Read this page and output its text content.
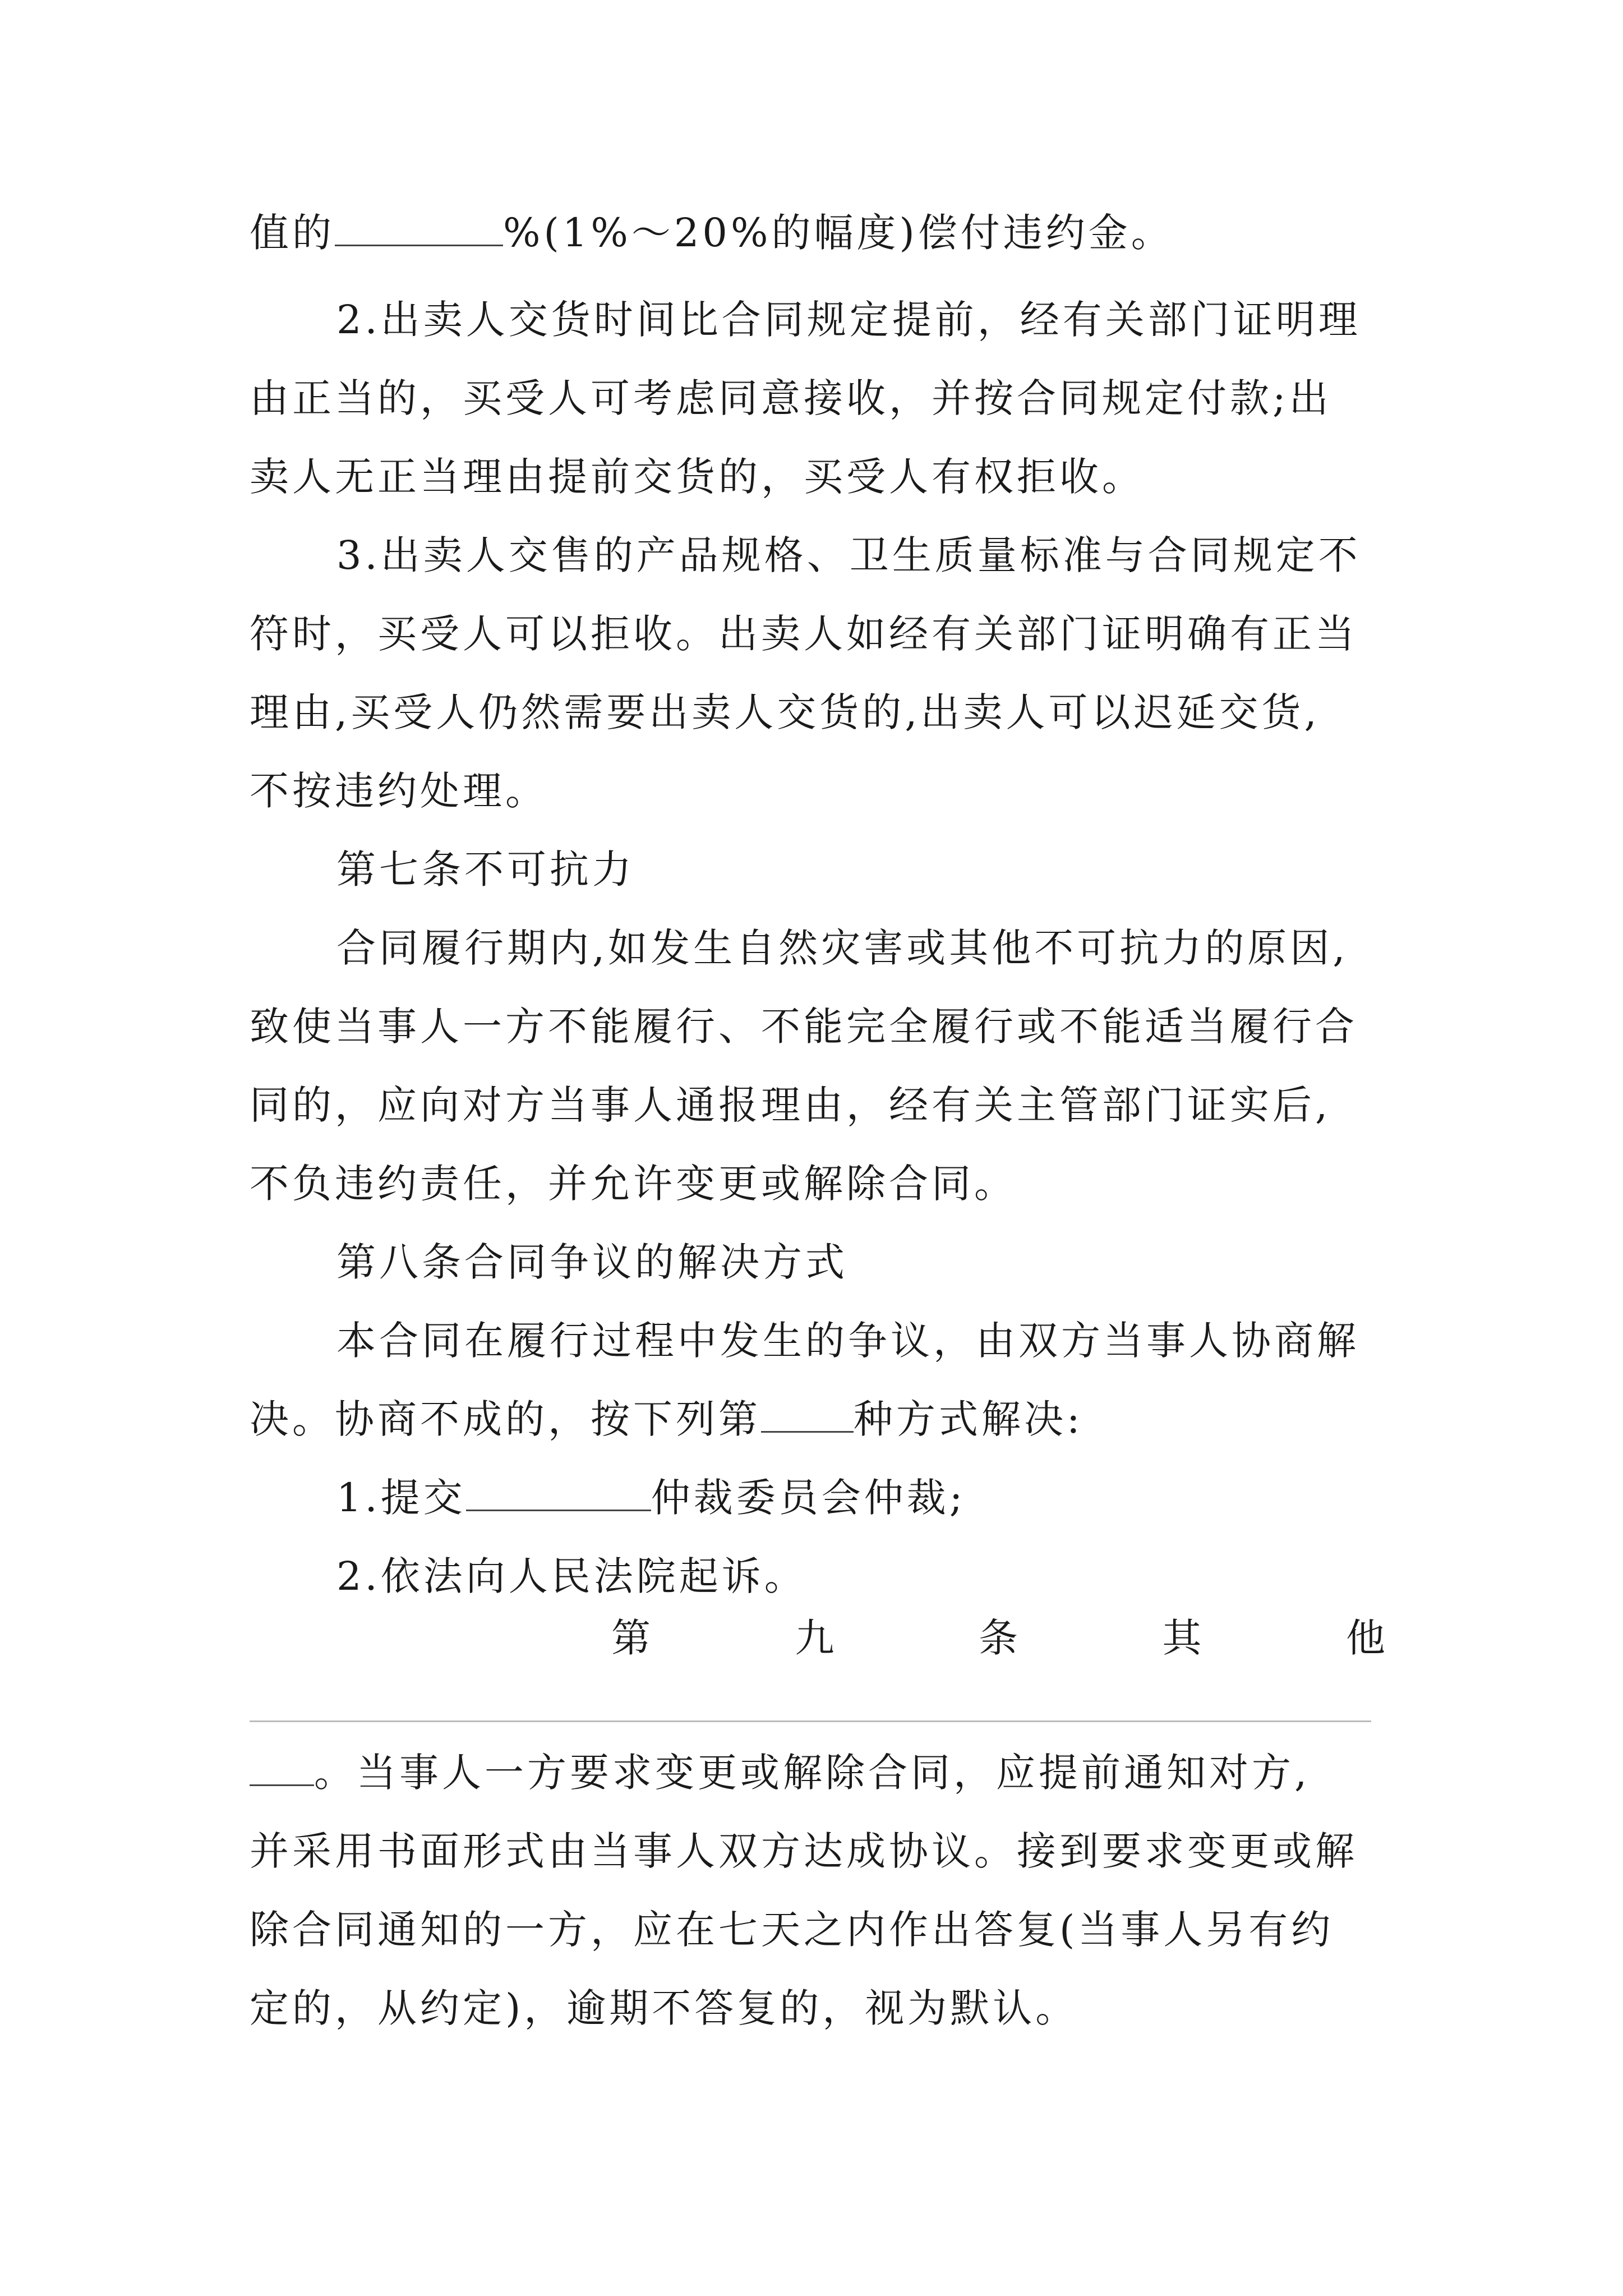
值的	%(1%～20%的幅度)偿付违约金。
2.出卖人交货时间比合同规定提前，经有关部门证明理
由正当的，买受人可考虑同意接收，并按合同规定付款;出
卖人无正当理由提前交货的，买受人有权拒收。
3.出卖人交售的产品规格、卫生质量标准与合同规定不
符时，买受人可以拒收。出卖人如经有关部门证明确有正当
理由,买受人仍然需要出卖人交货的,出卖人可以迟延交货,
不按违约处理。
第七条不可抗力
合同履行期内,如发生自然灾害或其他不可抗力的原因,
致使当事人一方不能履行、不能完全履行或不能适当履行合
同的，应向对方当事人通报理由，经有关主管部门证实后,
不负违约责任，并允许变更或解除合同。
第八条合同争议的解决方式
本合同在履行过程中发生的争议，由双方当事人协商解
决。协商不成的，按下列第 种方式解决:
1.提交	仲裁委员会仲裁;
2.依法向人民法院起诉。
第	九	条	其	他
。当事人一方要求变更或解除合同，应提前通知对方,
并采用书面形式由当事人双方达成协议。接到要求变更或解
除合同通知的一方，应在七天之内作出答复(当事人另有约
定的，从约定)，逾期不答复的，视为默认。
